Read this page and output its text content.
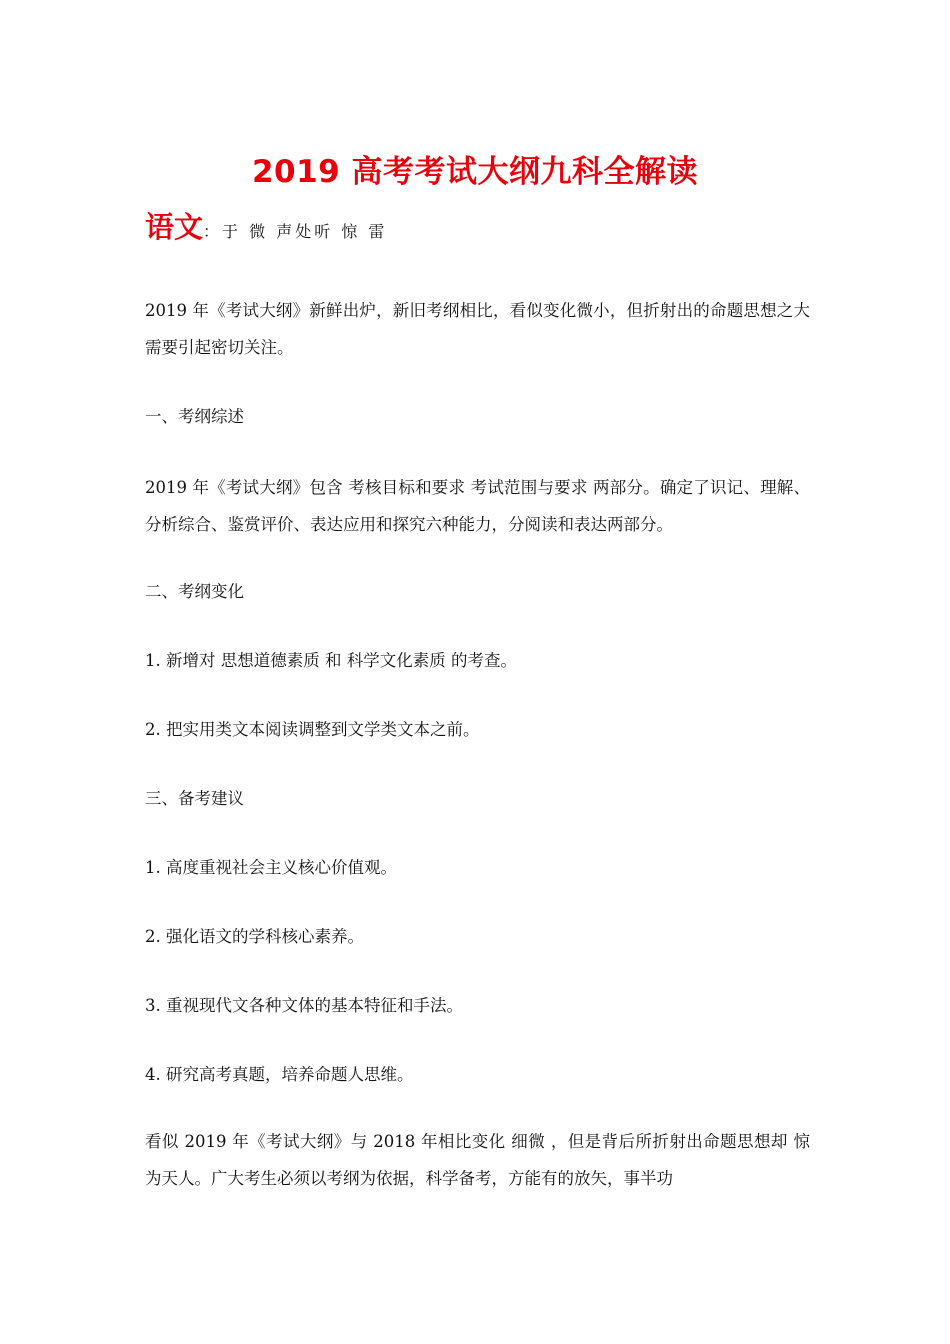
2019 高考考试大纲九科全解读
语文：于 微 声处听 惊 雷

2019 年《考试大纲》新鲜出炉，新旧考纲相比，看似变化微小，但折射出的命题思想之大需要引起密切关注。

一、考纲综述

2019 年《考试大纲》包含 考核目标和要求 考试范围与要求 两部分。确定了识记、理解、分析综合、鉴赏评价、表达应用和探究六种能力，分阅读和表达两部分。

二、考纲变化

1. 新增对 思想道德素质 和 科学文化素质 的考查。

2. 把实用类文本阅读调整到文学类文本之前。

三、备考建议

1. 高度重视社会主义核心价值观。

2. 强化语文的学科核心素养。

3. 重视现代文各种文体的基本特征和手法。

4. 研究高考真题，培养命题人思维。

看似 2019 年《考试大纲》与 2018 年相比变化 细微 ，但是背后所折射出命题思想却 惊 为天人。广大考生必须以考纲为依据，科学备考，方能有的放矢，事半功
